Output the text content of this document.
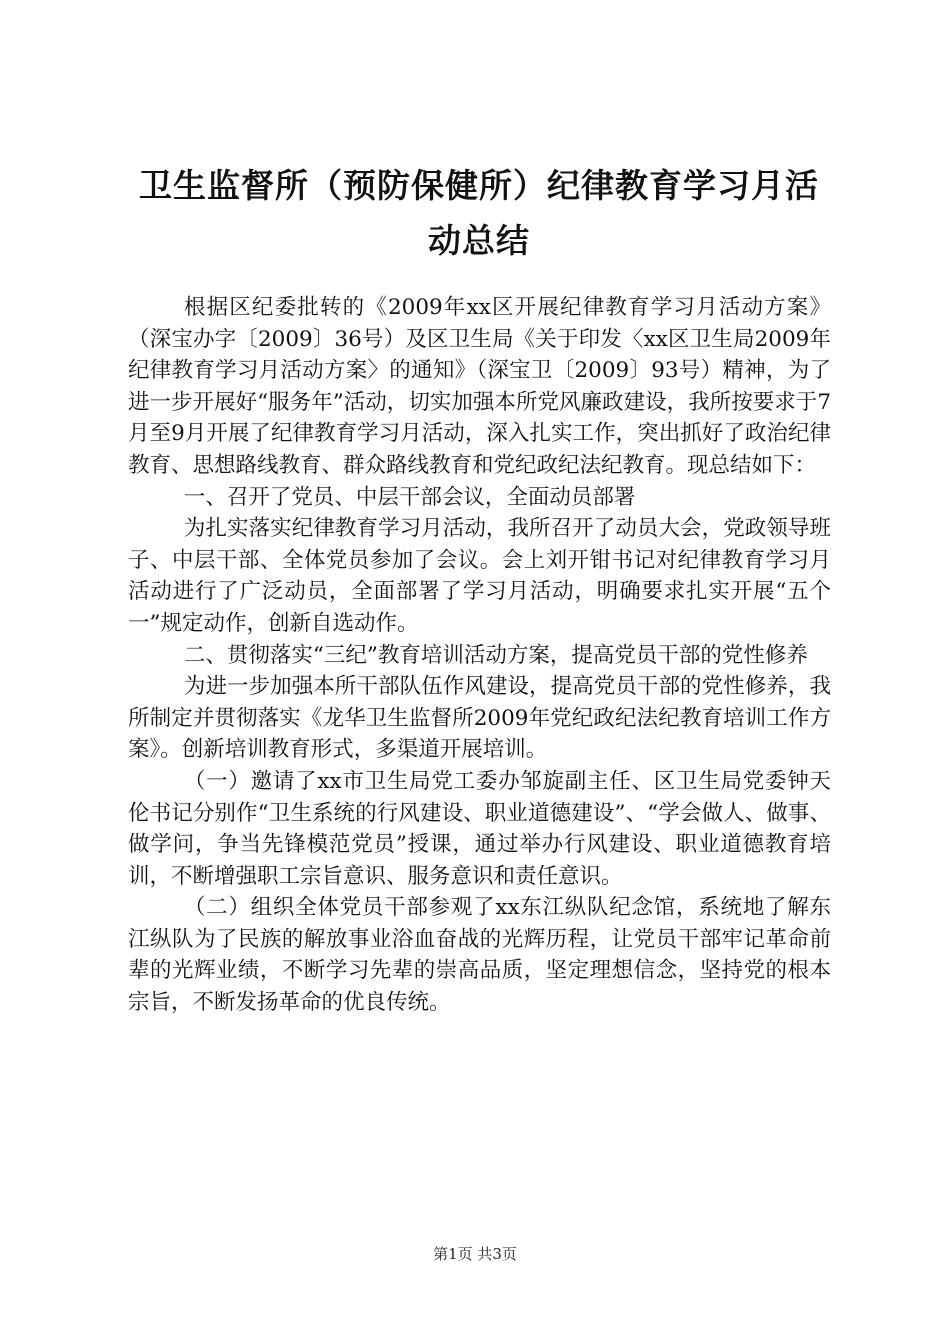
卫生监督所（预防保健所）纪律教育学习月活动总结

根据区纪委批转的《2009年xx区开展纪律教育学习月活动方案》（深宝办字〔2009〕36号）及区卫生局《关于印发〈xx区卫生局2009年纪律教育学习月活动方案〉的通知》（深宝卫〔2009〕93号）精神，为了进一步开展好“服务年”活动，切实加强本所党风廉政建设，我所按要求于7月至9月开展了纪律教育学习月活动，深入扎实工作，突出抓好了政治纪律教育、思想路线教育、群众路线教育和党纪政纪法纪教育。现总结如下：

一、召开了党员、中层干部会议，全面动员部署

为扎实落实纪律教育学习月活动，我所召开了动员大会，党政领导班子、中层干部、全体党员参加了会议。会上刘开钳书记对纪律教育学习月活动进行了广泛动员，全面部署了学习月活动，明确要求扎实开展“五个一”规定动作，创新自选动作。

二、贯彻落实“三纪”教育培训活动方案，提高党员干部的党性修养

为进一步加强本所干部队伍作风建设，提高党员干部的党性修养，我所制定并贯彻落实《龙华卫生监督所2009年党纪政纪法纪教育培训工作方案》。创新培训教育形式，多渠道开展培训。

（一）邀请了xx市卫生局党工委办邹旋副主任、区卫生局党委钟天伦书记分别作“卫生系统的行风建设、职业道德建设”、“学会做人、做事、做学问，争当先锋模范党员”授课，通过举办行风建设、职业道德教育培训，不断增强职工宗旨意识、服务意识和责任意识。

（二）组织全体党员干部参观了xx东江纵队纪念馆，系统地了解东江纵队为了民族的解放事业浴血奋战的光辉历程，让党员干部牢记革命前辈的光辉业绩，不断学习先辈的崇高品质，坚定理想信念，坚持党的根本宗旨，不断发扬革命的优良传统。

第1页 共3页
